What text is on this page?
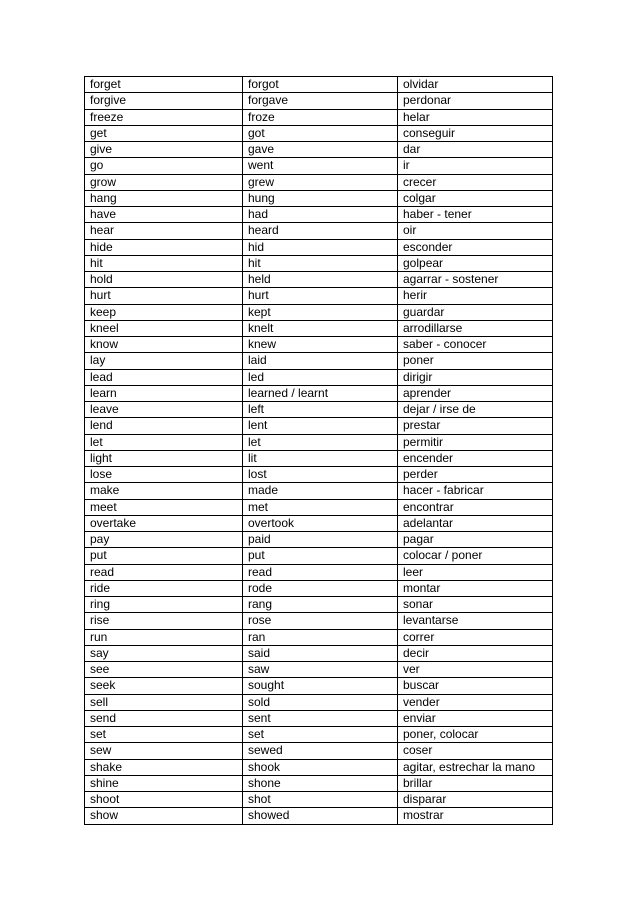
forget	forgot	olvidar
forgive	forgave	perdonar
freeze	froze	helar
get	got	conseguir
give	gave	dar
go	went	ir
grow	grew	crecer
hang	hung	colgar
have	had	haber - tener
hear	heard	oir
hide	hid	esconder
hit	hit	golpear
hold	held	agarrar - sostener
hurt	hurt	herir
keep	kept	guardar
kneel	knelt	arrodillarse
know	knew	saber - conocer
lay	laid	poner
lead	led	dirigir
learn	learned / learnt	aprender
leave	left	dejar / irse de
lend	lent	prestar
let	let	permitir
light	lit	encender
lose	lost	perder
make	made	hacer - fabricar
meet	met	encontrar
overtake	overtook	adelantar
pay	paid	pagar
put	put	colocar / poner
read	read	leer
ride	rode	montar
ring	rang	sonar
rise	rose	levantarse
run	ran	correr
say	said	decir
see	saw	ver
seek	sought	buscar
sell	sold	vender
send	sent	enviar
set	set	poner, colocar
sew	sewed	coser
shake	shook	agitar, estrechar la mano
shine	shone	brillar
shoot	shot	disparar
show	showed	mostrar
